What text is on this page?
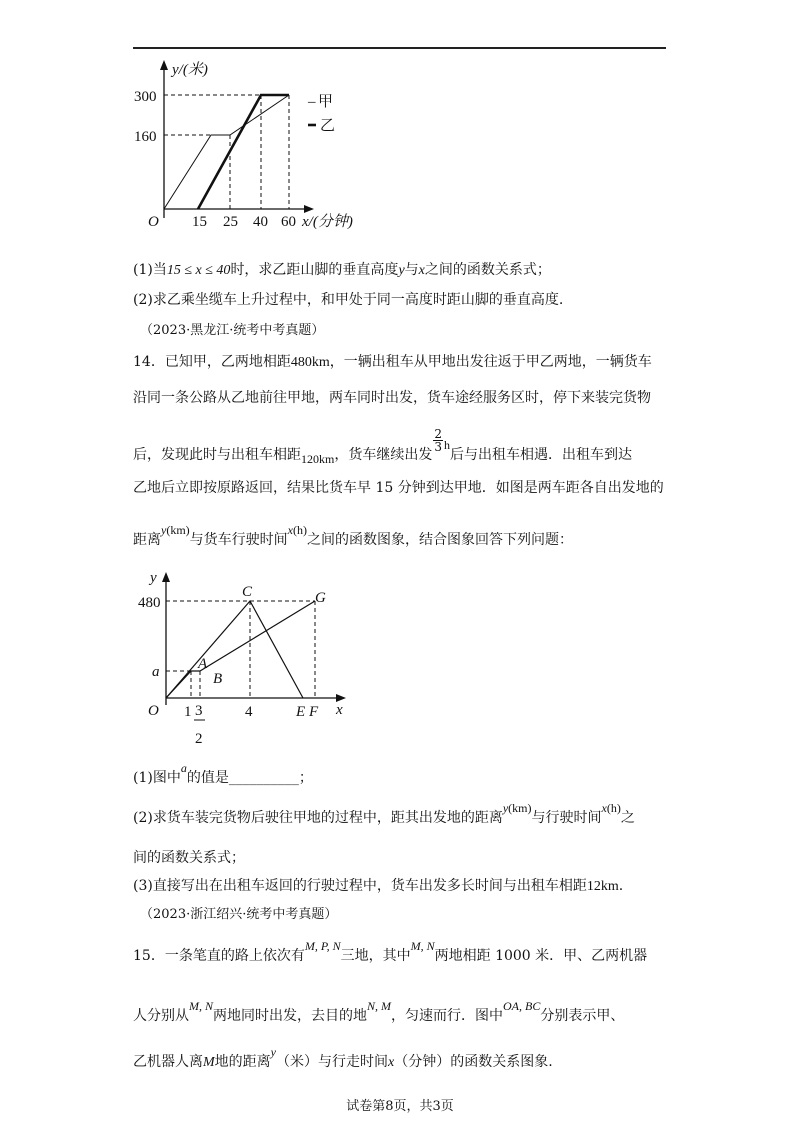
y/(米)
300
160
O 15 25 40 60 x/(分钟)
– 甲
乙
(1)当15 ≤ x ≤ 40时，求乙距山脚的垂直高度y与x之间的函数关系式；
(2)求乙乘坐缆车上升过程中，和甲处于同一高度时距山脚的垂直高度.
（2023·黑龙江·统考中考真题）
14．已知甲，乙两地相距480km，一辆出租车从甲地出发往返于甲乙两地，一辆货车
沿同一条公路从乙地前往甲地，两车同时出发，货车途经服务区时，停下来装完货物
后，发现此时与出租车相距120km，货车继续出发
$\frac{2}{3}$ h后与出租车相遇．出租车到达
乙地后立即按原路返回，结果比货车早 15 分钟到达甲地．如图是两车距各自出发地的
距离y(km)与货车行驶时间x(h)之间的函数图象，结合图象回答下列问题：
y
480
a	A
B
C	G
O 1 3
2
4	E F x
(1)图中a的值是__________；
(2)求货车装完货物后驶往甲地的过程中，距其出发地的距离y(km)与行驶时间x(h)之
间的函数关系式；
(3)直接写出在出租车返回的行驶过程中，货车出发多长时间与出租车相距12km.
（2023·浙江绍兴·统考中考真题）
15．一条笔直的路上依次有M, P, N三地，其中M, N两地相距 1000 米．甲、乙两机器
人分别从M, N两地同时出发，去目的地N, M，匀速而行．图中OA, BC分别表示甲、
乙机器人离M地的距离y（米）与行走时间x（分钟）的函数关系图象.
试卷第8页，共3页
